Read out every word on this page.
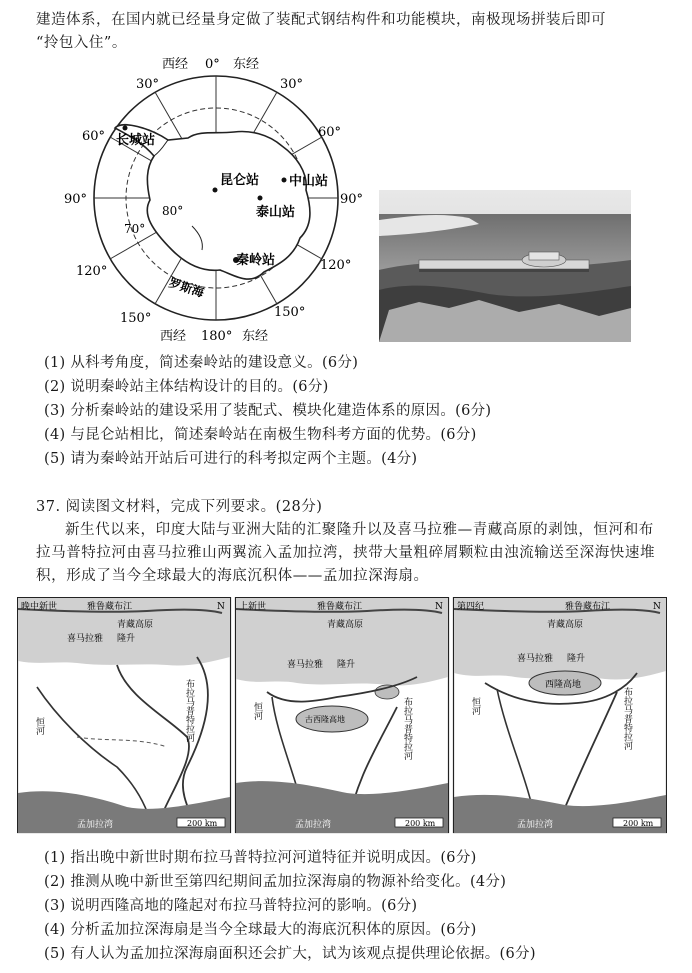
建造体系，在国内就已经量身定做了装配式钢结构件和功能模块，南极现场拼装后即可
“拎包入住”。
西经 0° 东经
30°	30°
60°	60°
90°	90°
120°	120°
150°	150°
西经 180° 东经
80°
70°
长城站
昆仑站 中山站
泰山站
秦岭站
罗斯海
(1) 从科考角度，简述秦岭站的建设意义。(6分)
(2) 说明秦岭站主体结构设计的目的。(6分)
(3) 分析秦岭站的建设采用了装配式、模块化建造体系的原因。(6分)
(4) 与昆仑站相比，简述秦岭站在南极生物科考方面的优势。(6分)
(5) 请为秦岭站开站后可进行的科考拟定两个主题。(4分)
37. 阅读图文材料，完成下列要求。(28分)
新生代以来，印度大陆与亚洲大陆的汇聚隆升以及喜马拉雅—青藏高原的剥蚀，恒河和布拉马普特拉河由喜马拉雅山两翼流入孟加拉湾，挟带大量粗碎屑颗粒由浊流输送至深海快速堆积，形成了当今全球最大的海底沉积体——孟加拉深海扇。
晚中新世	雅鲁藏布江
青藏高原
喜马拉雅 隆升
恒河	布拉马普特拉河
孟加拉湾	200 km
N 上新世	雅鲁藏布江
青藏高原
喜马拉雅 隆升
恒河	布拉马普特拉河
古西隆高地
孟加拉湾	200 km
N 第四纪	雅鲁藏布江
青藏高原
喜马拉雅 隆升
恒河	布拉马普特拉河
西隆高地
孟加拉湾	200 km
N
(1) 指出晚中新世时期布拉马普特拉河河道特征并说明成因。(6分)
(2) 推测从晚中新世至第四纪期间孟加拉深海扇的物源补给变化。(4分)
(3) 说明西隆高地的隆起对布拉马普特拉河的影响。(6分)
(4) 分析孟加拉深海扇是当今全球最大的海底沉积体的原因。(6分)
(5) 有人认为孟加拉深海扇面积还会扩大，试为该观点提供理论依据。(6分)
